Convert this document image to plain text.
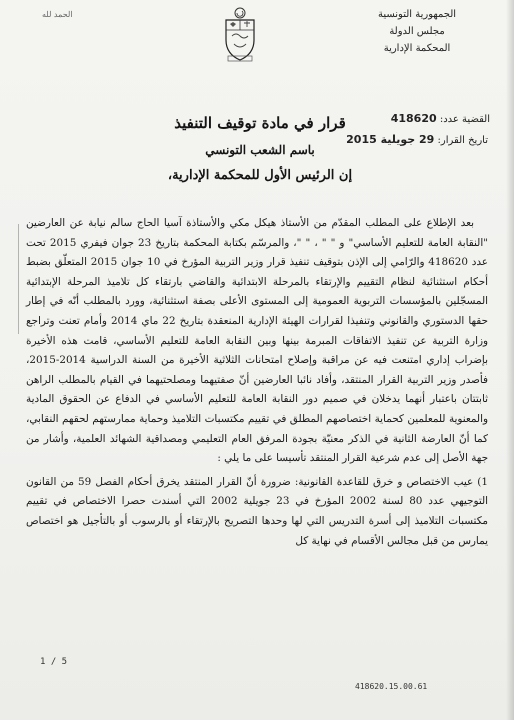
الحمد لله	الجمهورية التونسية
مجلس الدولة
المحكمة الإدارية
القضية عدد: 418620
تاريخ القرار: 29 جويلية 2015
قرار في مادة توقيف التنفيذ
باسم الشعب التونسي
إن الرئيس الأول للمحكمة الإدارية،

بعد الإطلاع على المطلب المقدّم من الأستاذ هيكل مكي والأستاذة آسيا الحاج سالم نيابة عن العارضين "النقابة العامة للتعليم الأساسي" و " " ، " "، والمرسّم بكتابة المحكمة بتاريخ 23 جوان فيفري 2015 تحت عدد 418620 والرّامي إلى الإذن بتوقيف تنفيذ قرار وزير التربية المؤرخ في 10 جوان 2015 المتعلّق بضبط أحكام استثنائية لنظام التقييم والإرتقاء بالمرحلة الابتدائية والقاضي بارتقاء كل تلاميذ المرحلة الإبتدائية المسجّلين بالمؤسسات التربوية العمومية إلى المستوى الأعلى بصفة استثنائية، وورد بالمطلب أنّه في إطار حقها الدستوري والقانوني وتنفيذا لقرارات الهيئة الإدارية المنعقدة بتاريخ 22 ماي 2014 وأمام تعنت وتراجع وزارة التربية عن تنفيذ الاتفاقات المبرمة بينها وبين النقابة العامة للتعليم الأساسي، قامت هذه الأخيرة بإضراب إداري امتنعت فيه عن مراقبة وإصلاح امتحانات الثلاثية الأخيرة من السنة الدراسية 2014-2015، فأصدر وزير التربية القرار المنتقد، وأفاد نائبا العارضين أنّ صفتيهما ومصلحتيهما في القيام بالمطلب الراهن ثابتتان باعتبار أنهما يدخلان في صميم دور النقابة العامة للتعليم الأساسي في الدفاع عن الحقوق المادية والمعنوية للمعلمين كحماية اختصاصهم المطلق في تقييم مكتسبات التلاميذ وحماية ممارستهم لحقهم النقابي، كما أنّ العارضة الثانية في الذكر معنيّة بجودة المرفق العام التعليمي ومصداقية الشهائد العلمية، وأشار من جهة الأصل إلى عدم شرعية القرار المنتقد تأسيسا على ما يلي :

1) عيب الاختصاص و خرق للقاعدة القانونية: ضرورة أنّ القرار المنتقد يخرق أحكام الفصل 59 من القانون التوجيهي عدد 80 لسنة 2002 المؤرخ في 23 جويلية 2002 التي أسندت حصرا الاختصاص في تقييم مكتسبات التلاميذ إلى أسرة التدريس التي لها وحدها التصريح بالإرتقاء أو بالرسوب أو بالتأجيل هو اختصاص يمارس من قبل مجالس الأقسام في نهاية كل

1 / 5
418620.15.00.61
